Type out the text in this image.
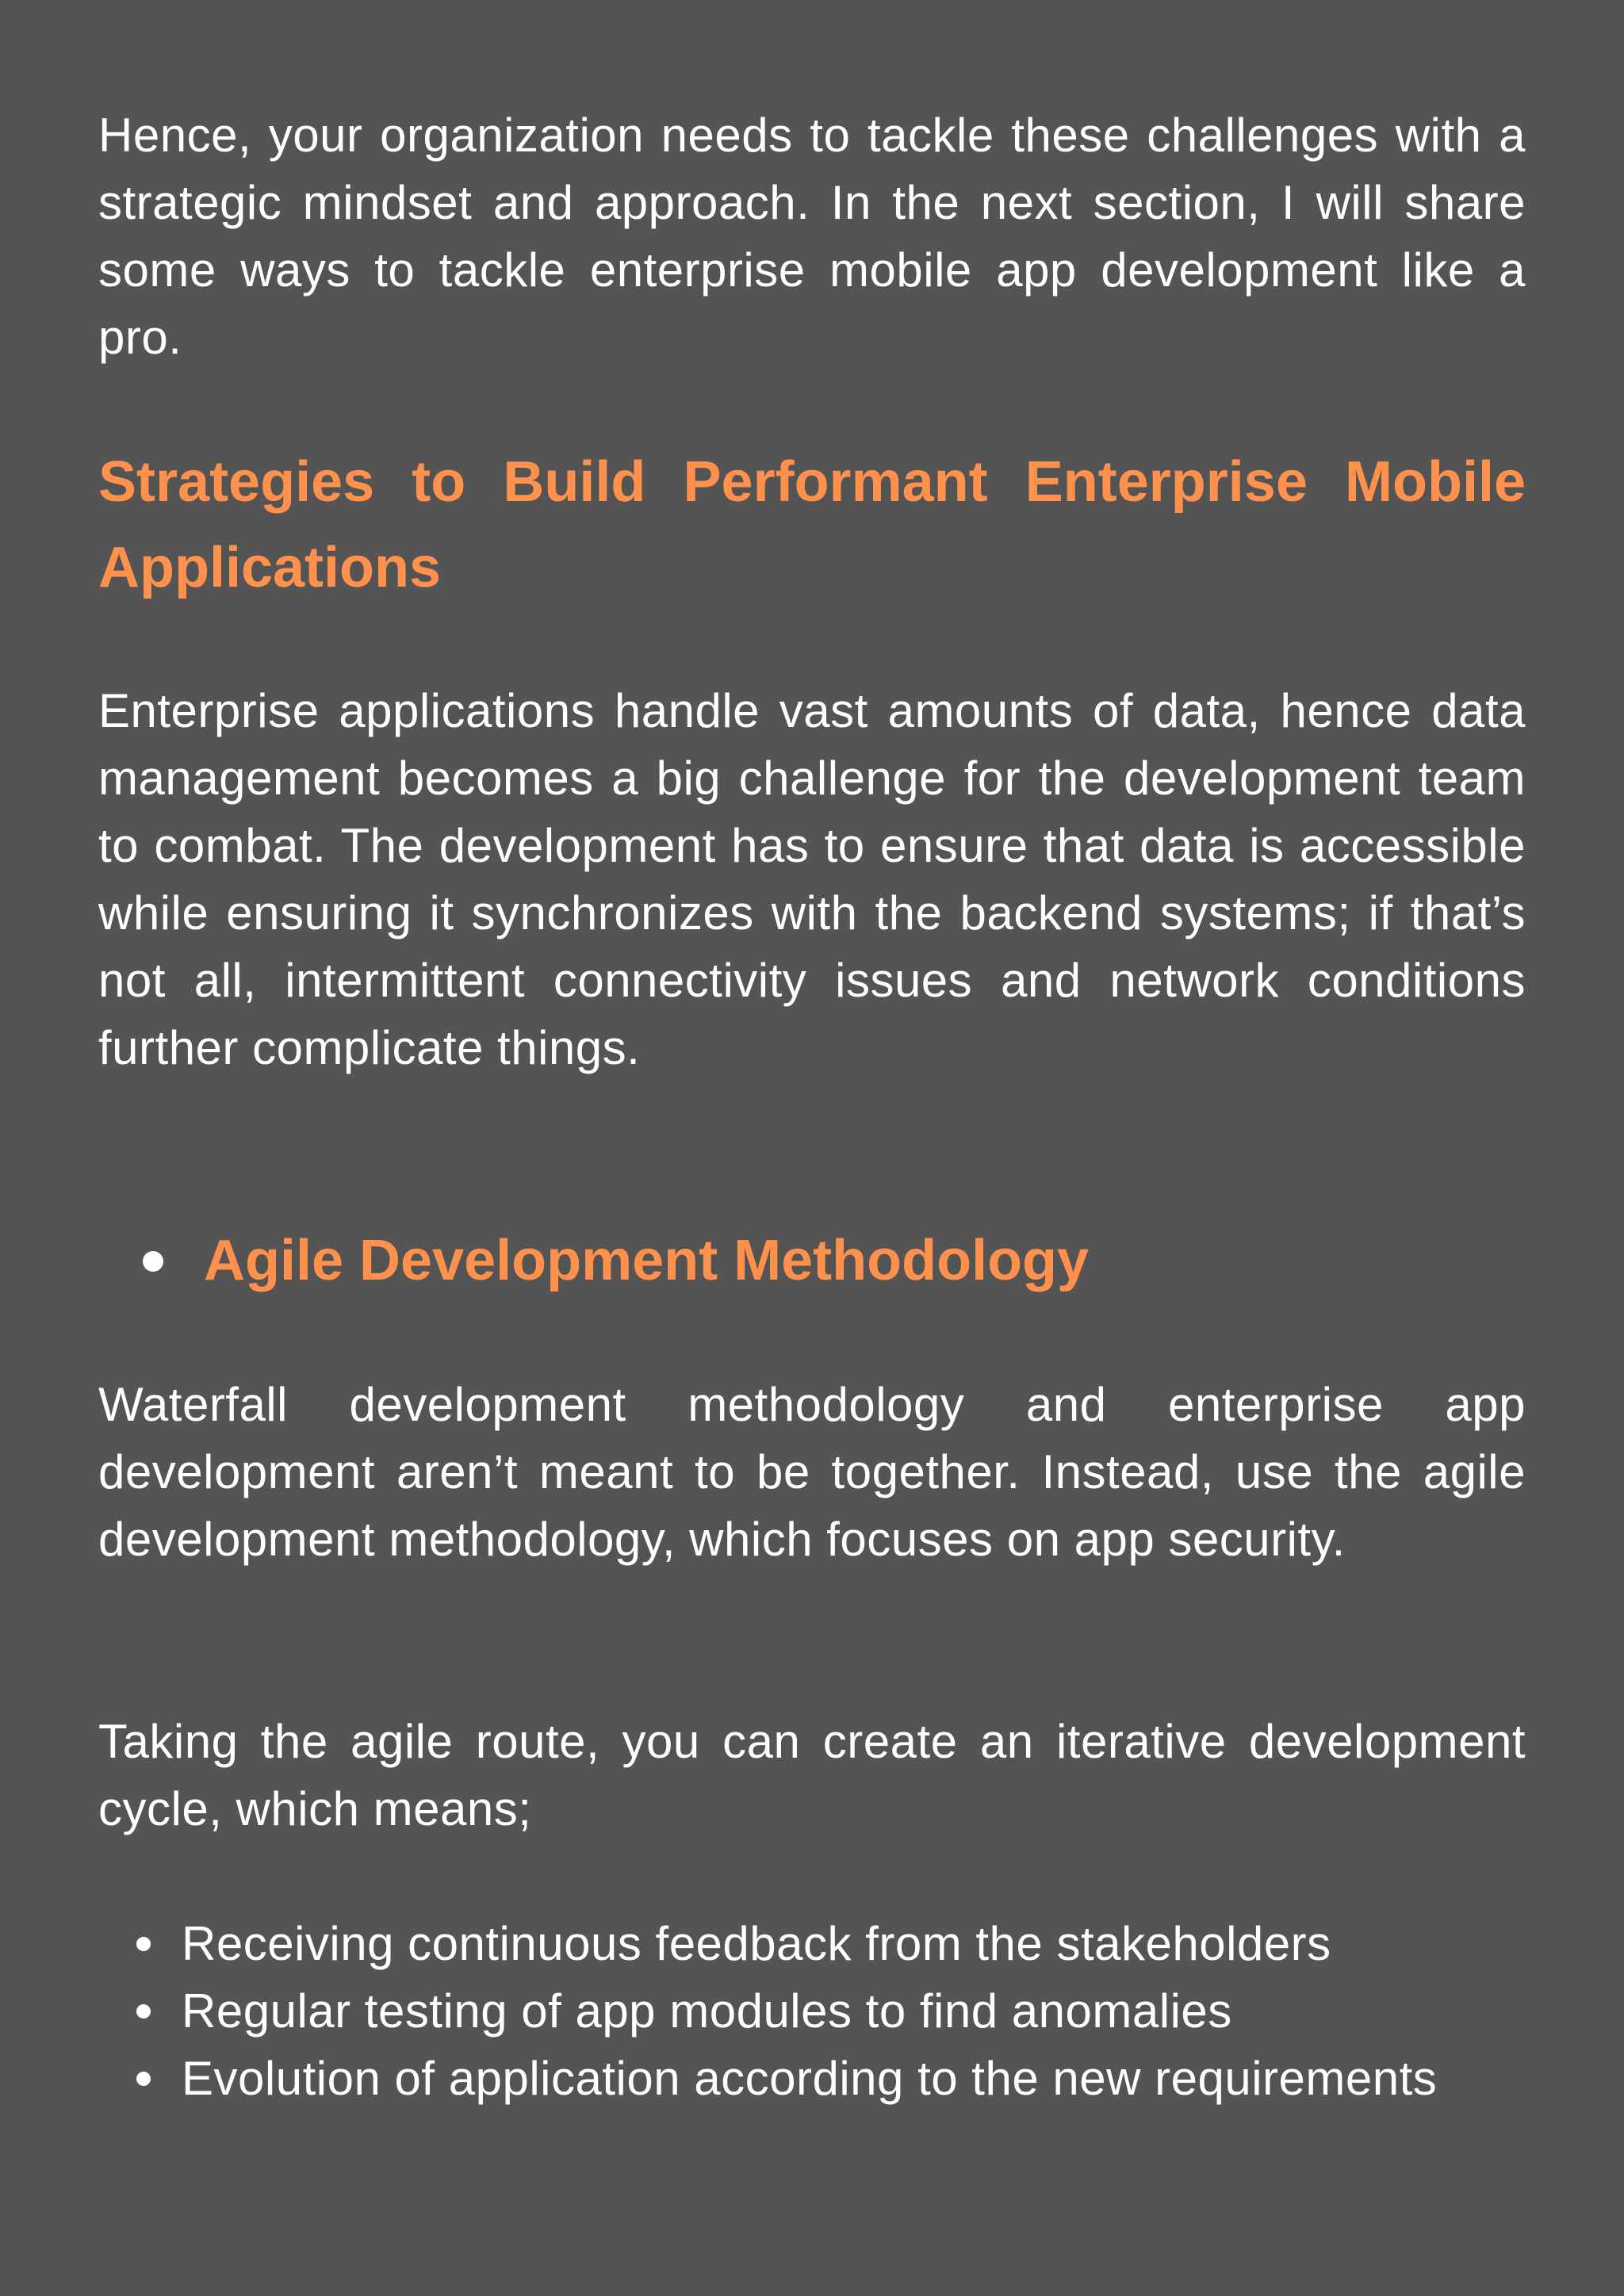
Hence, your organization needs to tackle these challenges with a strategic mindset and approach. In the next section, I will share some ways to tackle enterprise mobile app development like a pro.

Strategies to Build Performant Enterprise Mobile Applications

Enterprise applications handle vast amounts of data, hence data management becomes a big challenge for the development team to combat. The development has to ensure that data is accessible while ensuring it synchronizes with the backend systems; if that’s not all, intermittent connectivity issues and network conditions further complicate things.

Agile Development Methodology

Waterfall development methodology and enterprise app development aren’t meant to be together. Instead, use the agile development methodology, which focuses on app security.

Taking the agile route, you can create an iterative development cycle, which means;

Receiving continuous feedback from the stakeholders
Regular testing of app modules to find anomalies
Evolution of application according to the new requirements
